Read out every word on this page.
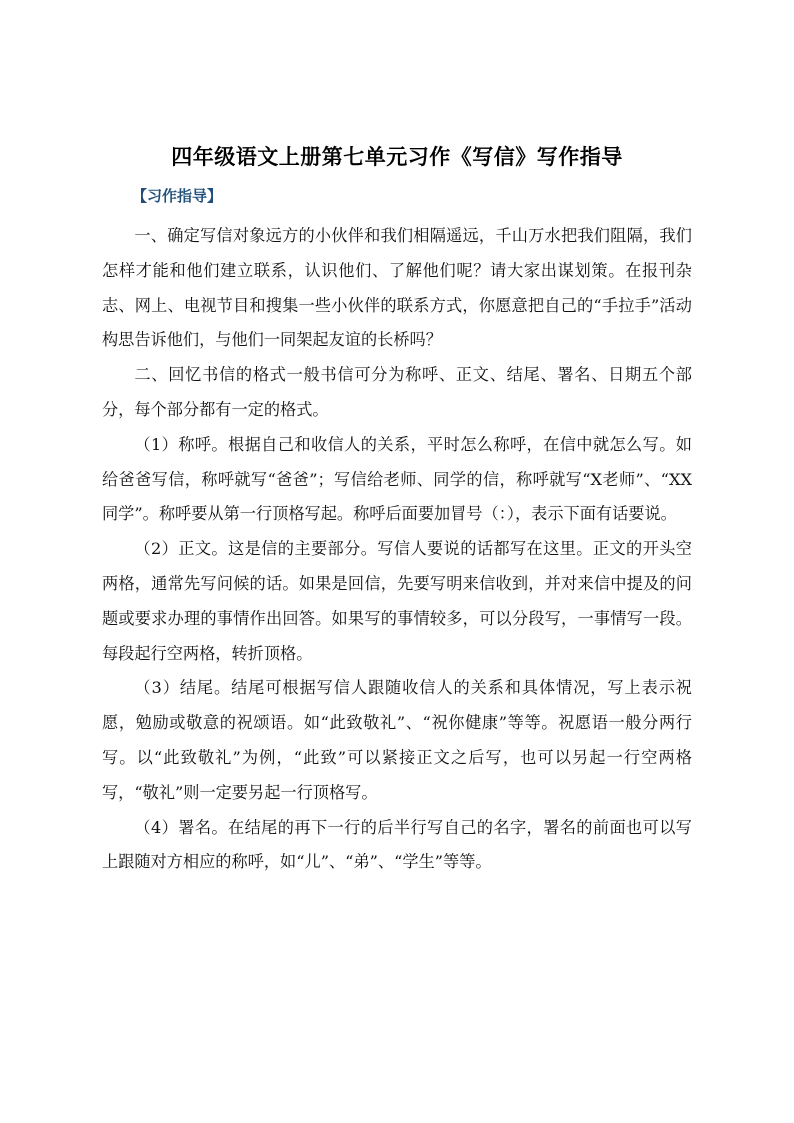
四年级语文上册第七单元习作《写信》写作指导
【习作指导】

一、确定写信对象远方的小伙伴和我们相隔遥远，千山万水把我们阻隔，我们怎样才能和他们建立联系，认识他们、了解他们呢？请大家出谋划策。在报刊杂志、网上、电视节目和搜集一些小伙伴的联系方式，你愿意把自己的“手拉手”活动构思告诉他们，与他们一同架起友谊的长桥吗？

二、回忆书信的格式一般书信可分为称呼、正文、结尾、署名、日期五个部分，每个部分都有一定的格式。

（1）称呼。根据自己和收信人的关系，平时怎么称呼，在信中就怎么写。如给爸爸写信，称呼就写“爸爸”；写信给老师、同学的信，称呼就写“X老师”、“XX同学”。称呼要从第一行顶格写起。称呼后面要加冒号（：），表示下面有话要说。

（2）正文。这是信的主要部分。写信人要说的话都写在这里。正文的开头空两格，通常先写问候的话。如果是回信，先要写明来信收到，并对来信中提及的问题或要求办理的事情作出回答。如果写的事情较多，可以分段写，一事情写一段。每段起行空两格，转折顶格。

（3）结尾。结尾可根据写信人跟随收信人的关系和具体情况，写上表示祝愿，勉励或敬意的祝颂语。如“此致敬礼”、“祝你健康”等等。祝愿语一般分两行写。以“此致敬礼”为例，“此致”可以紧接正文之后写，也可以另起一行空两格写，“敬礼”则一定要另起一行顶格写。

（4）署名。在结尾的再下一行的后半行写自己的名字，署名的前面也可以写上跟随对方相应的称呼，如“儿”、“弟”、“学生”等等。
